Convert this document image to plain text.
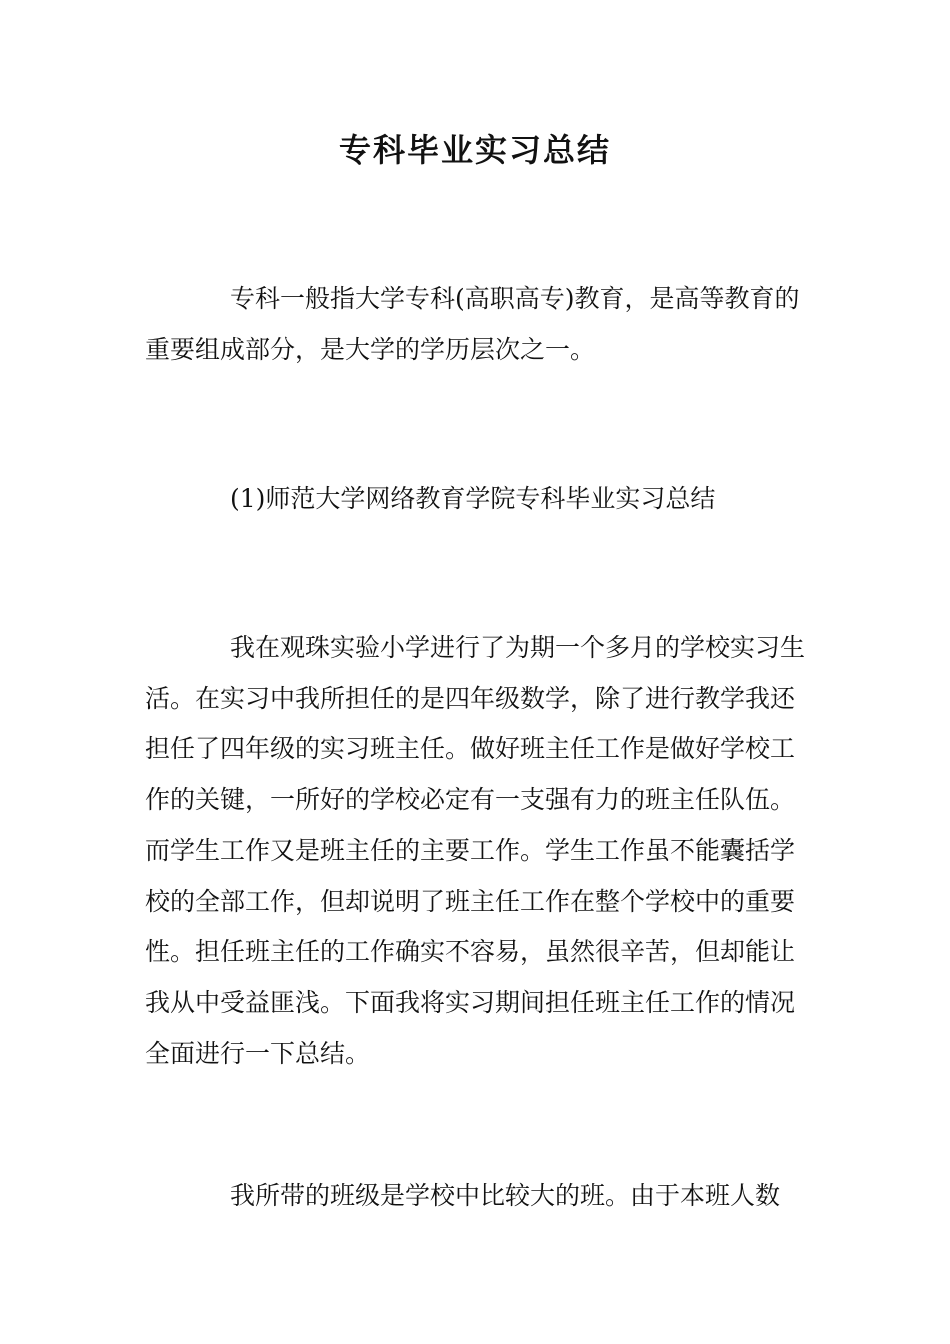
专科毕业实习总结

专科一般指大学专科(高职高专)教育，是高等教育的重要组成部分，是大学的学历层次之一。

(1)师范大学网络教育学院专科毕业实习总结

我在观珠实验小学进行了为期一个多月的学校实习生活。在实习中我所担任的是四年级数学，除了进行教学我还担任了四年级的实习班主任。做好班主任工作是做好学校工作的关键，一所好的学校必定有一支强有力的班主任队伍。而学生工作又是班主任的主要工作。学生工作虽不能囊括学校的全部工作，但却说明了班主任工作在整个学校中的重要性。担任班主任的工作确实不容易，虽然很辛苦，但却能让我从中受益匪浅。下面我将实习期间担任班主任工作的情况全面进行一下总结。

我所带的班级是学校中比较大的班。由于本班人数
